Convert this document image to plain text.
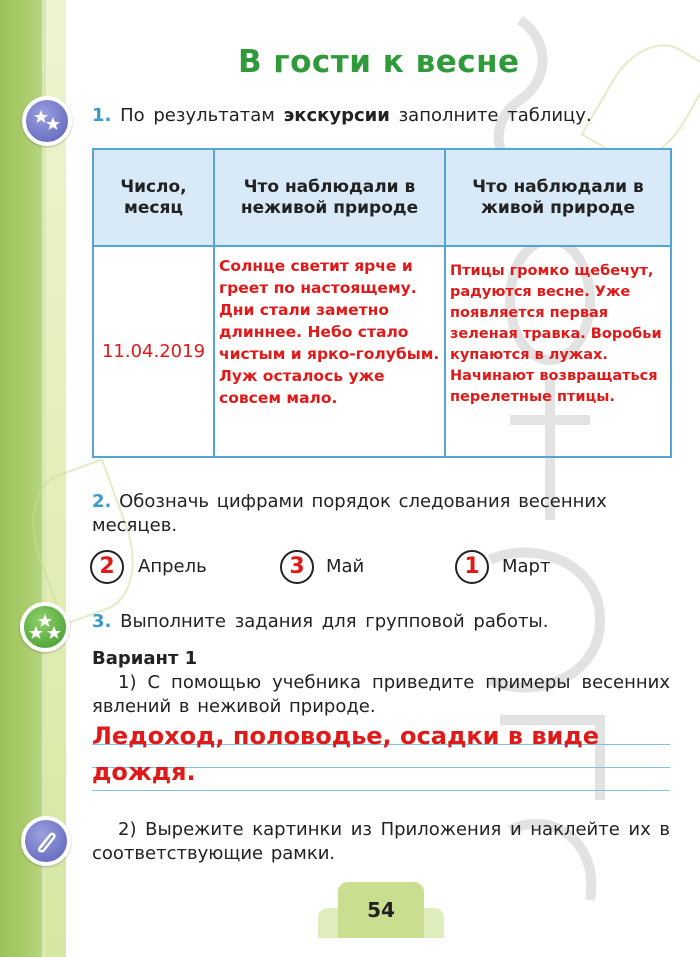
В гости к весне
1. По результатам экскурсии заполните таблицу.
Число, месяц	Что наблюдали в неживой природе	Что наблюдали в живой природе
11.04.2019	Солнце светит ярче и греет по настоящему. Дни стали заметно длиннее. Небо стало чистым и ярко-голубым. Луж осталось уже совсем мало.	Птицы громко щебечут, радуются весне. Уже появляется первая зеленая травка. Воробьи купаются в лужах. Начинают возвращаться перелетные птицы.
2. Обозначь цифрами порядок следования весенних месяцев.
2	Апрель	3	Май	1	Март
3. Выполните задания для групповой работы.
Вариант 1
1) С помощью учебника приведите примеры весенних явлений в неживой природе.
Ледоход, половодье, осадки в виде дождя.
2) Вырежите картинки из Приложения и наклейте их в соответствующие рамки.
54
